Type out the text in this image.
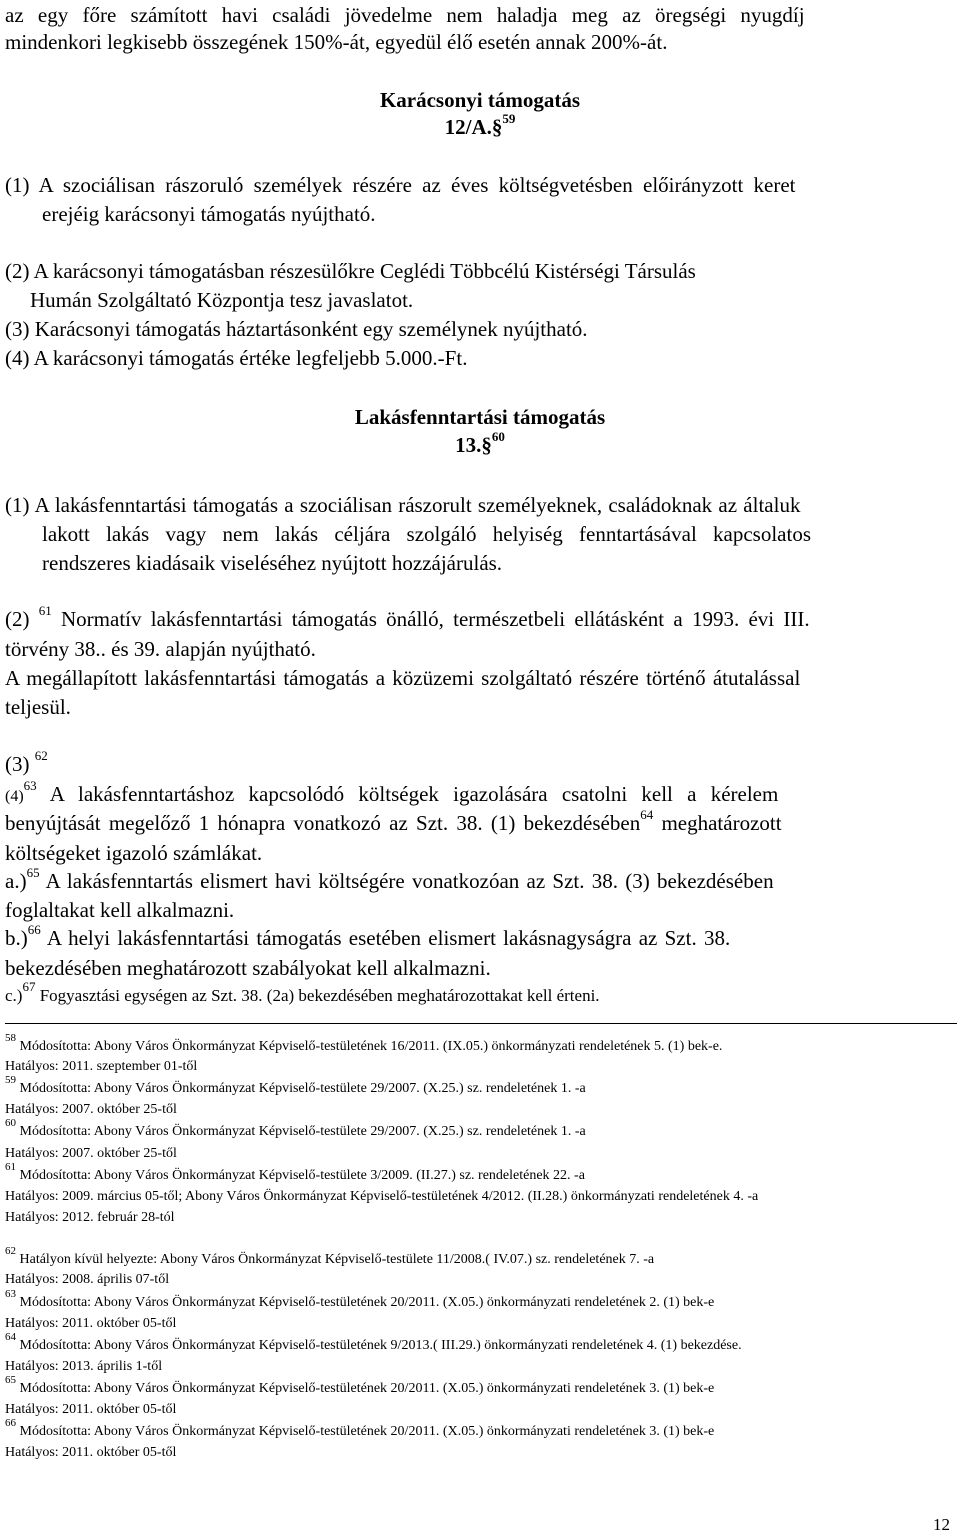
az egy főre számított havi családi jövedelme nem haladja meg az öregségi nyugdíj
mindenkori legkisebb összegének 150%-át, egyedül élő esetén annak 200%-át.
Karácsonyi támogatás
12/A.§$^{59}$
(1) A szociálisan rászoruló személyek részére az éves költségvetésben előirányzott keret
erejéig karácsonyi támogatás nyújtható.
(2) A karácsonyi támogatásban részesülőkre Ceglédi Többcélú Kistérségi Társulás
Humán Szolgáltató Központja tesz javaslatot.
(3) Karácsonyi támogatás háztartásonként egy személynek nyújtható.
(4) A karácsonyi támogatás értéke legfeljebb 5.000.-Ft.
Lakásfenntartási támogatás
13.§$^{60}$
(1) A lakásfenntartási támogatás a szociálisan rászorult személyeknek, családoknak az általuk
lakott lakás vagy nem lakás céljára szolgáló helyiség fenntartásával kapcsolatos
rendszeres kiadásaik viseléséhez nyújtott hozzájárulás.
(2) $^{61}$ Normatív lakásfenntartási támogatás önálló, természetbeli ellátásként a 1993. évi III.
törvény 38.. és 39. alapján nyújtható.
A megállapított lakásfenntartási támogatás a közüzemi szolgáltató részére történő átutalással
teljesül.
(3) $^{62}$
$(4)^{63}$ A lakásfenntartáshoz kapcsolódó költségek igazolására csatolni kell a kérelem
benyújtását megelőző 1 hónapra vonatkozó az Szt. 38. (1) bekezdésében$^{64}$ meghatározott
költségeket igazoló számlákat.
a.)$^{65}$ A lakásfenntartás elismert havi költségére vonatkozóan az Szt. 38. (3) bekezdésében
foglaltakat kell alkalmazni.
b.)$^{66}$ A helyi lakásfenntartási támogatás esetében elismert lakásnagyságra az Szt. 38.
bekezdésében meghatározott szabályokat kell alkalmazni.
c.)$^{67}$ Fogyasztási egységen az Szt. 38. (2a) bekezdésében meghatározottakat kell érteni.
$^{58}$ Módosította: Abony Város Önkormányzat Képviselő-testületének 16/2011. (IX.05.) önkormányzati rendeletének 5. (1) bek-e.
Hatályos: 2011. szeptember 01-től
$^{59}$ Módosította: Abony Város Önkormányzat Képviselő-testülete 29/2007. (X.25.) sz. rendeletének 1. -a
Hatályos: 2007. október 25-től
$^{60}$ Módosította: Abony Város Önkormányzat Képviselő-testülete 29/2007. (X.25.) sz. rendeletének 1. -a
Hatályos: 2007. október 25-től
$^{61}$ Módosította: Abony Város Önkormányzat Képviselő-testülete 3/2009. (II.27.) sz. rendeletének 22. -a
Hatályos: 2009. március 05-től; Abony Város Önkormányzat Képviselő-testületének 4/2012. (II.28.) önkormányzati rendeletének 4. -a
Hatályos: 2012. február 28-tól
$^{62}$ Hatályon kívül helyezte: Abony Város Önkormányzat Képviselő-testülete 11/2008.( IV.07.) sz. rendeletének 7. -a
Hatályos: 2008. április 07-től
$^{63}$ Módosította: Abony Város Önkormányzat Képviselő-testületének 20/2011. (X.05.) önkormányzati rendeletének 2. (1) bek-e
Hatályos: 2011. október 05-től
$^{64}$ Módosította: Abony Város Önkormányzat Képviselő-testületének 9/2013.( III.29.) önkormányzati rendeletének 4. (1) bekezdése.
Hatályos: 2013. április 1-től
$^{65}$ Módosította: Abony Város Önkormányzat Képviselő-testületének 20/2011. (X.05.) önkormányzati rendeletének 3. (1) bek-e
Hatályos: 2011. október 05-től
$^{66}$ Módosította: Abony Város Önkormányzat Képviselő-testületének 20/2011. (X.05.) önkormányzati rendeletének 3. (1) bek-e
Hatályos: 2011. október 05-től
12
